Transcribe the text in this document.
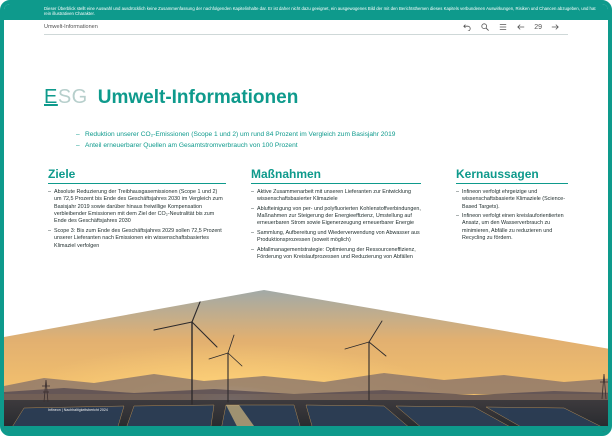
Dieser Überblick stellt eine Auswahl und ausdrücklich keine Zusammenfassung der nachfolgenden Kapitelinhalte dar. Er ist daher nicht dazu geeignet, ein ausgewogenes Bild der mit den Berichtsthemen dieses Kapitels verbundenen Auswirkungen, Risiken und Chancen abzugeben, und hat rein illustrativen Charakter.
Umwelt-Informationen	29
ESG Umwelt-Informationen
– Reduktion unserer CO₂-Emissionen (Scope 1 und 2) um rund 84 Prozent im Vergleich zum Basisjahr 2019
– Anteil erneuerbarer Quellen am Gesamtstromverbrauch von 100 Prozent
Ziele
– Absolute Reduzierung der Treibhausgasemissionen (Scope 1 und 2) um 72,5 Prozent bis Ende des Geschäftsjahres 2030 im Vergleich zum Basisjahr 2019 sowie darüber hinaus freiwillige Kompensation verbleibender Emissionen mit dem Ziel der CO₂-Neutralität bis zum Ende des Geschäftsjahres 2030
– Scope 3: Bis zum Ende des Geschäftsjahres 2029 sollen 72,5 Prozent unserer Lieferanten nach Emissionen ein wissenschaftsbasiertes Klimaziel verfolgen
Maßnahmen
– Aktive Zusammenarbeit mit unseren Lieferanten zur Entwicklung wissenschaftsbasierter Klimaziele
– Ablufteinigung von per- und polyfluorierten Kohlenstoffverbindungen, Maßnahmen zur Steigerung der Energieeffizienz, Umstellung auf erneuerbaren Strom sowie Eigenerzeugung erneuerbarer Energie
– Sammlung, Aufbereitung und Wiederverwendung von Abwasser aus Produktionsprozessen (soweit möglich)
– Abfallmanagementstrategie: Optimierung der Ressourceneffizienz, Förderung von Kreislaufprozessen und Reduzierung von Abfällen
Kernaussagen
– Infineon verfolgt ehrgeizige und wissenschaftsbasierte Klimaziele (Science-Based Targets).
– Infineon verfolgt einen kreislauforientierten Ansatz, um den Wasserverbrauch zu minimieren, Abfälle zu reduzieren und Recycling zu fördern.
Infineon | Nachhaltigkeitsbericht 2024
